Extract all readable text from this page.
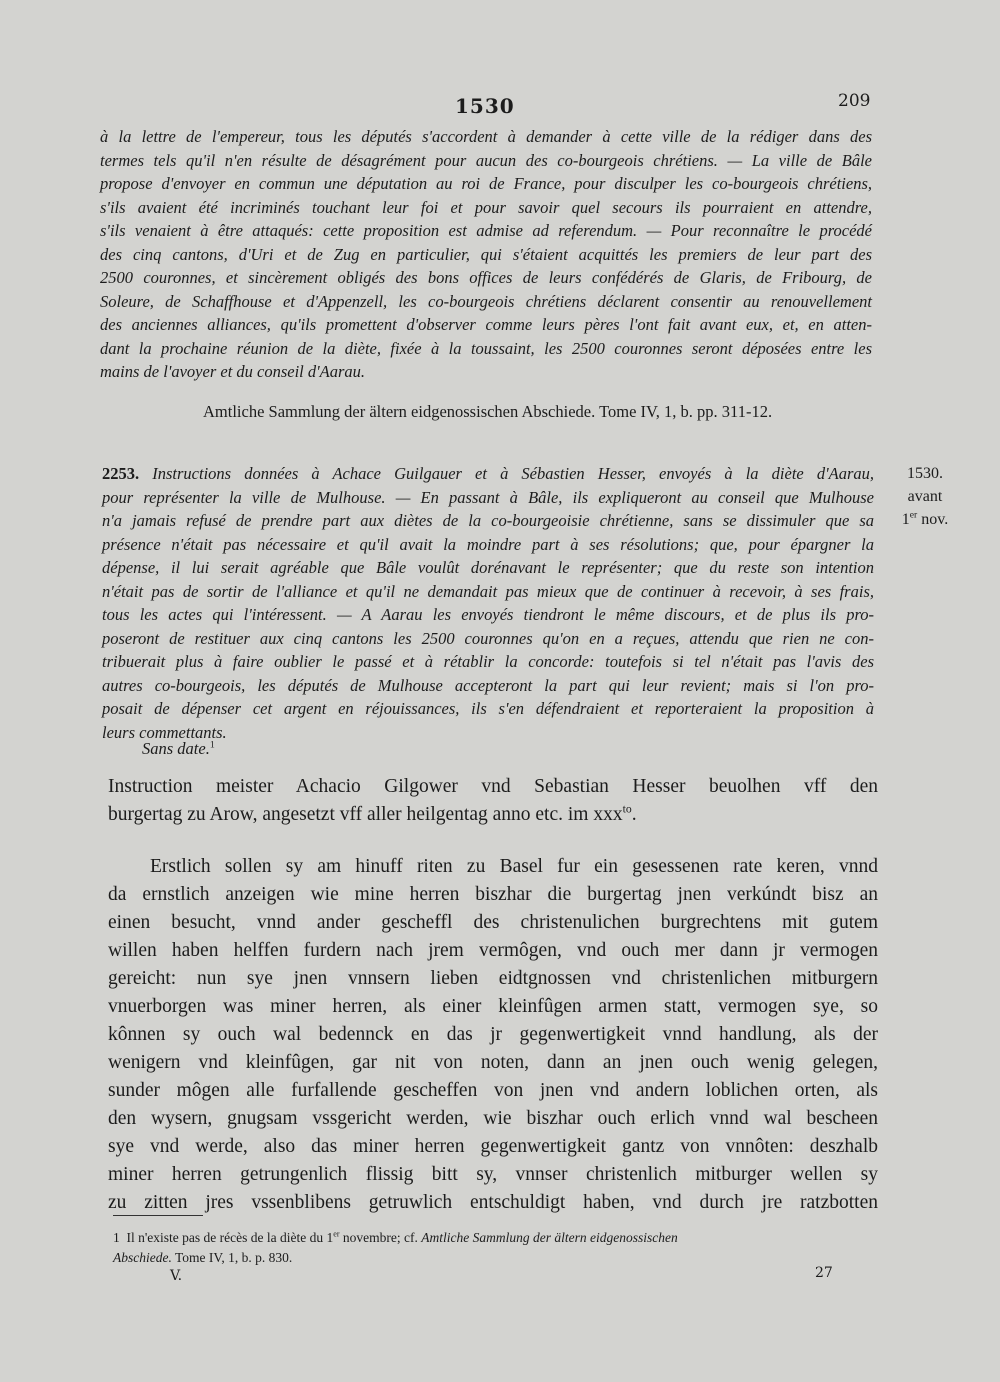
1530	209
à la lettre de l'empereur, tous les députés s'accordent à demander à cette ville de la rédiger dans des
termes tels qu'il n'en résulte de désagrément pour aucun des co-bourgeois chrétiens. — La ville de Bâle
propose d'envoyer en commun une députation au roi de France, pour disculper les co-bourgeois chrétiens,
s'ils avaient été incriminés touchant leur foi et pour savoir quel secours ils pourraient en attendre,
s'ils venaient à être attaqués: cette proposition est admise ad referendum. — Pour reconnaître le procédé
des cinq cantons, d'Uri et de Zug en particulier, qui s'étaient acquittés les premiers de leur part des
2500 couronnes, et sincèrement obligés des bons offices de leurs confédérés de Glaris, de Fribourg, de
Soleure, de Schaffhouse et d'Appenzell, les co-bourgeois chrétiens déclarent consentir au renouvellement
des anciennes alliances, qu'ils promettent d'observer comme leurs pères l'ont fait avant eux, et, en atten-
dant la prochaine réunion de la diète, fixée à la toussaint, les 2500 couronnes seront déposées entre les
mains de l'avoyer et du conseil d'Aarau.
Amtliche Sammlung der ältern eidgenossischen Abschiede. Tome IV, 1, b. pp. 311-12.
2253. Instructions données à Achace Guilgauer et à Sébastien Hesser, envoyés à la diète d'Aarau,
pour représenter la ville de Mulhouse. — En passant à Bâle, ils expliqueront au conseil que Mulhouse
n'a jamais refusé de prendre part aux diètes de la co-bourgeoisie chrétienne, sans se dissimuler que sa
présence n'était pas nécessaire et qu'il avait la moindre part à ses résolutions; que, pour épargner la
dépense, il lui serait agréable que Bâle voulût dorénavant le représenter; que du reste son intention
n'était pas de sortir de l'alliance et qu'il ne demandait pas mieux que de continuer à recevoir, à ses frais,
tous les actes qui l'intéressent. — A Aarau les envoyés tiendront le même discours, et de plus ils pro-
poseront de restituer aux cinq cantons les 2500 couronnes qu'on en a reçues, attendu que rien ne con-
tribuerait plus à faire oublier le passé et à rétablir la concorde: toutefois si tel n'était pas l'avis des
autres co-bourgeois, les députés de Mulhouse accepteront la part qui leur revient; mais si l'on pro-
posait de dépenser cet argent en réjouissances, ils s'en défendraient et reporteraient la proposition à
leurs commettants.
1530.
avant
1er nov.
Sans date.$^1$
Instruction meister Achacio Gilgower vnd Sebastian Hesser beuolhen vff den
burgertag zu Arow, angesetzt vff aller heilgentag anno etc. im xxx$^{to}$.
Erstlich sollen sy am hinuff riten zu Basel fur ein gesessenen rate keren, vnnd
da ernstlich anzeigen wie mine herren biszhar die burgertag jnen verkúndt bisz an
einen besucht, vnnd ander gescheffl des christenulichen burgrechtens mit gutem
willen haben helffen furdern nach jrem vermôgen, vnd ouch mer dann jr vermogen
gereicht: nun sye jnen vnnsern lieben eidtgnossen vnd christenlichen mitburgern
vnuerborgen was miner herren, als einer kleinfûgen armen statt, vermogen sye, so
kônnen sy ouch wal bedennck en das jr gegenwertigkeit vnnd handlung, als der
wenigern vnd kleinfûgen, gar nit von noten, dann an jnen ouch wenig gelegen,
sunder môgen alle furfallende gescheffen von jnen vnd andern loblichen orten, als
den wysern, gnugsam vssgericht werden, wie biszhar ouch erlich vnnd wal bescheen
sye vnd werde, also das miner herren gegenwertigkeit gantz von vnnôten: deszhalb
miner herren getrungenlich flissig bitt sy, vnnser christenlich mitburger wellen sy
zu zitten jres vssenblibens getruwlich entschuldigt haben, vnd durch jre ratzbotten
1 Il n'existe pas de récès de la diète du 1er novembre; cf. Amtliche Sammlung der ältern eidgenossischen
Abschiede. Tome IV, 1, b. p. 830.
V.	27
